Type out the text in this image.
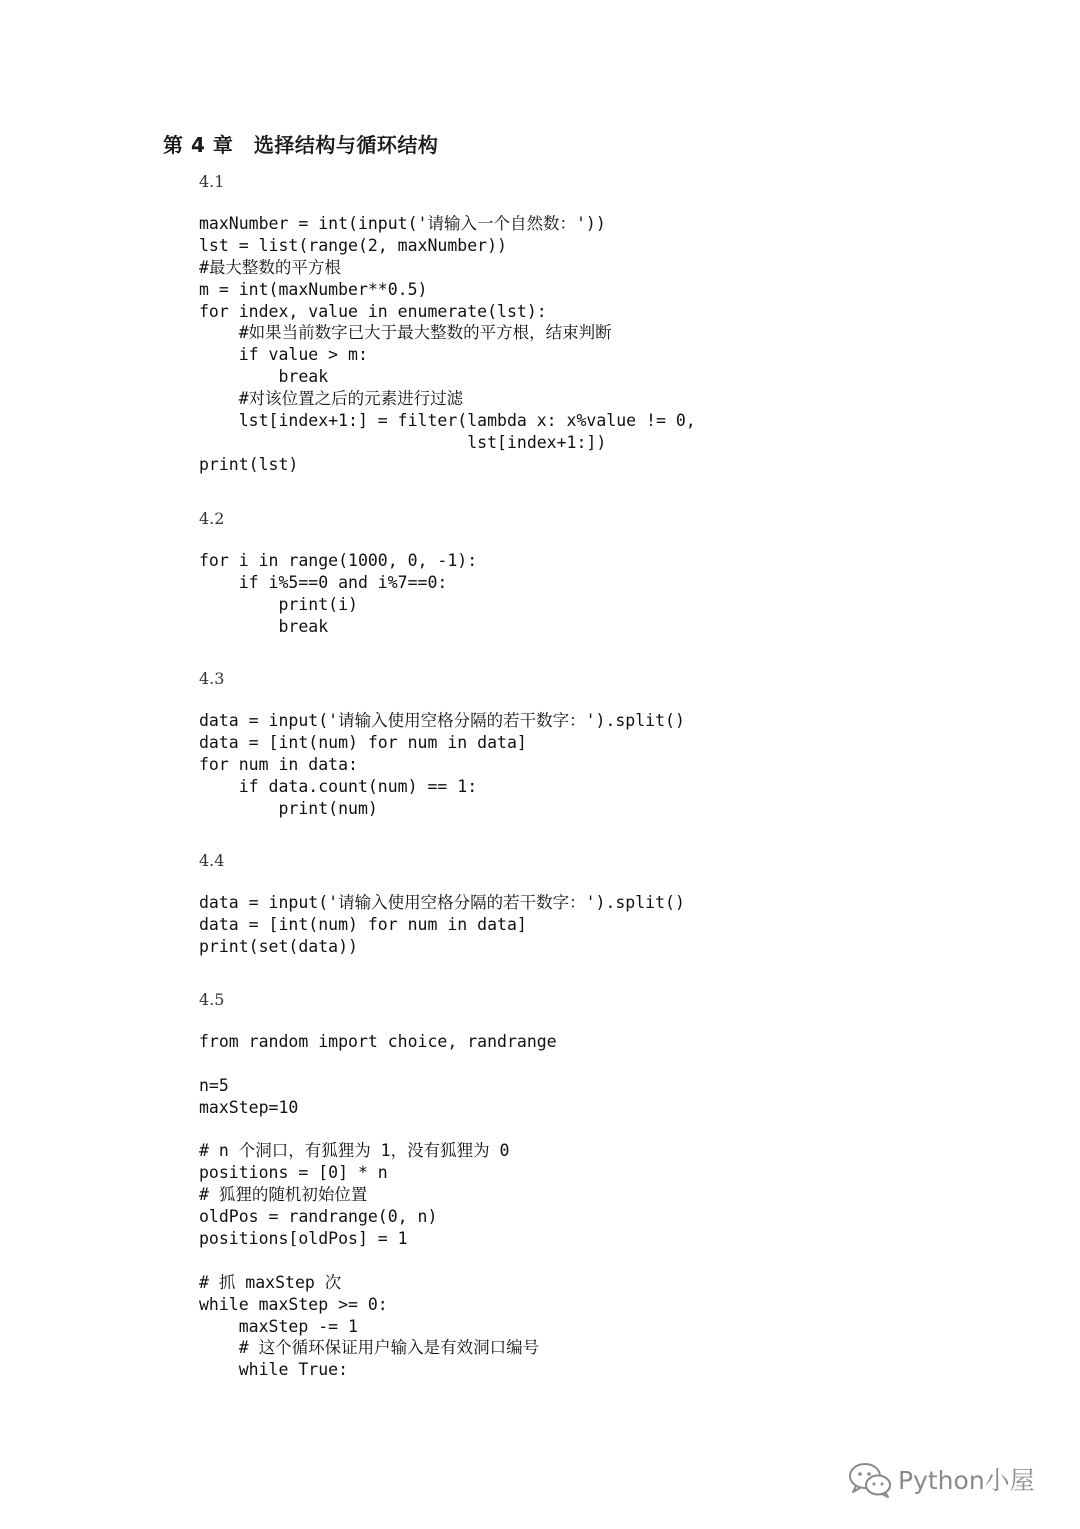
第 4 章　选择结构与循环结构
4.1
maxNumber = int(input('请输入一个自然数：'))
lst = list(range(2, maxNumber))
#最大整数的平方根
m = int(maxNumber**0.5)
for index, value in enumerate(lst):
#如果当前数字已大于最大整数的平方根，结束判断
if value > m:
break
#对该位置之后的元素进行过滤
lst[index+1:] = filter(lambda x: x%value != 0,
lst[index+1:])
print(lst)
4.2
for i in range(1000, 0, -1):
if i%5==0 and i%7==0:
print(i)
break
4.3
data = input('请输入使用空格分隔的若干数字：').split()
data = [int(num) for num in data]
for num in data:
if data.count(num) == 1:
print(num)
4.4
data = input('请输入使用空格分隔的若干数字：').split()
data = [int(num) for num in data]
print(set(data))
4.5
from random import choice, randrange
n=5
maxStep=10
# n 个洞口，有狐狸为 1，没有狐狸为 0
positions = [0] * n
# 狐狸的随机初始位置
oldPos = randrange(0, n)
positions[oldPos] = 1
# 抓 maxStep 次
while maxStep >= 0:
maxStep -= 1
# 这个循环保证用户输入是有效洞口编号
while True:
Python小屋
